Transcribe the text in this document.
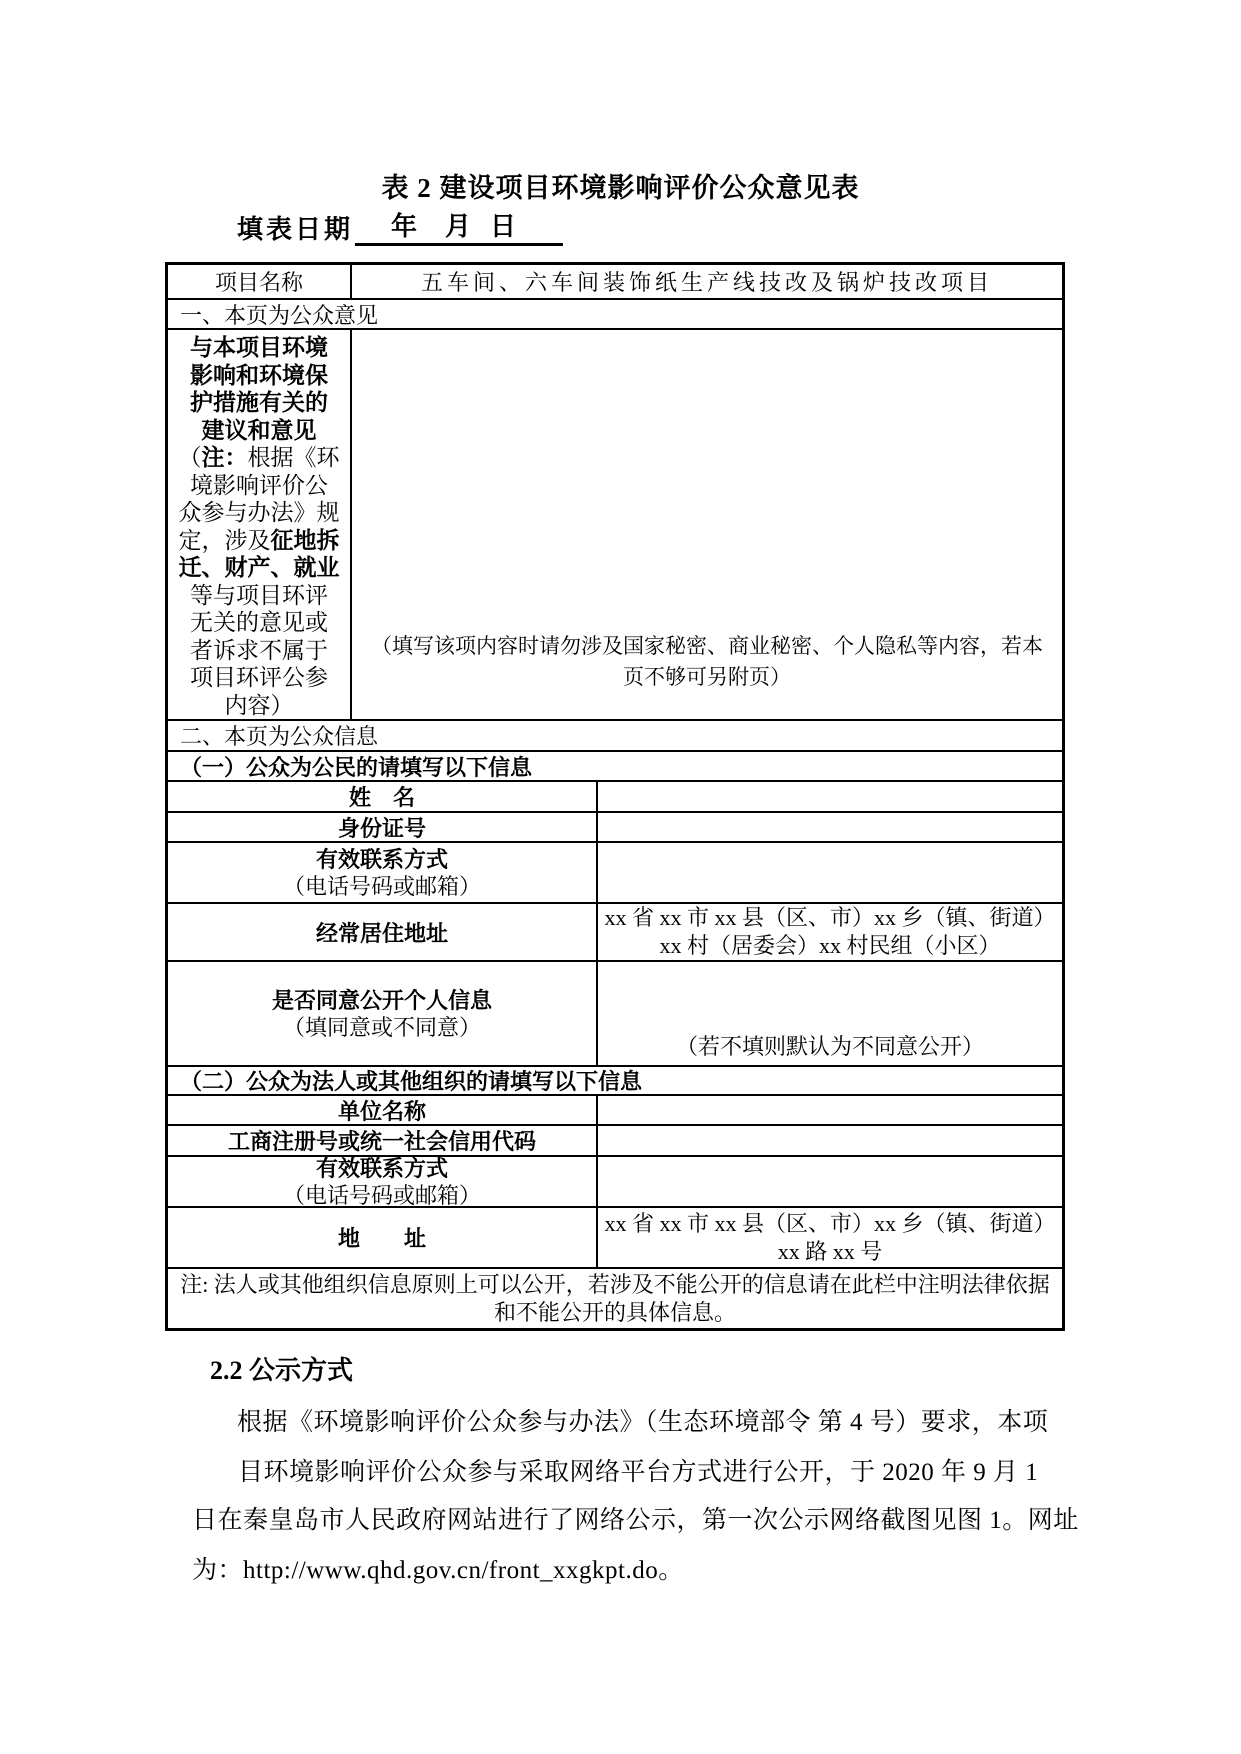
表 2 建设项目环境影响评价公众意见表
填表日期 年 月 日
项目名称	五车间、六车间装饰纸生产线技改及锅炉技改项目
一、本页为公众意见
与本项目环境
影响和环境保
护措施有关的
建议和意见
（注：根据《环
境影响评价公
众参与办法》规
定，涉及征地拆
迁、财产、就业
等与项目环评
无关的意见或
者诉求不属于
项目环评公参
内容）
（填写该项内容时请勿涉及国家秘密、商业秘密、个人隐私等内容，若本
页不够可另附页）
二、本页为公众信息
（一）公众为公民的请填写以下信息
姓　名
身份证号
有效联系方式
（电话号码或邮箱）
经常居住地址
xx 省 xx 市 xx 县（区、市）xx 乡（镇、街道）
xx 村（居委会）xx 村民组（小区）
是否同意公开个人信息
（填同意或不同意）
（若不填则默认为不同意公开）
（二）公众为法人或其他组织的请填写以下信息
单位名称
工商注册号或统一社会信用代码
有效联系方式
（电话号码或邮箱）
地　　址
xx 省 xx 市 xx 县（区、市）xx 乡（镇、街道）
xx 路 xx 号
注: 法人或其他组织信息原则上可以公开，若涉及不能公开的信息请在此栏中注明法律依据
和不能公开的具体信息。
2.2 公示方式
根据《环境影响评价公众参与办法》（生态环境部令 第 4 号）要求，本项
目环境影响评价公众参与采取网络平台方式进行公开，于 2020 年 9 月 1
日在秦皇岛市人民政府网站进行了网络公示，第一次公示网络截图见图 1。网址
为：http://www.qhd.gov.cn/front_xxgkpt.do。
